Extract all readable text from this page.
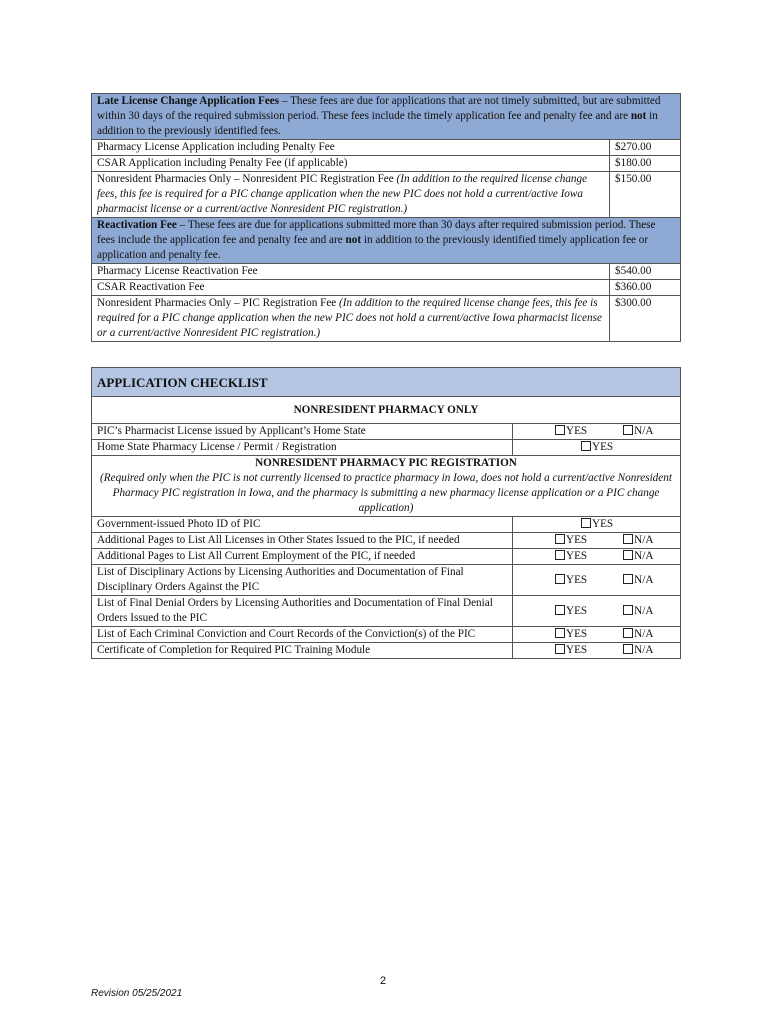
Late License Change Application Fees – These fees are due for applications that are not timely submitted, but are submitted within 30 days of the required submission period. These fees include the timely application fee and penalty fee and are not in addition to the previously identified fees.	
Pharmacy License Application including Penalty Fee	$270.00
CSAR Application including Penalty Fee (if applicable)	$180.00
Nonresident Pharmacies Only – Nonresident PIC Registration Fee (In addition to the required license change fees, this fee is required for a PIC change application when the new PIC does not hold a current/active Iowa pharmacist license or a current/active Nonresident PIC registration.)	$150.00
Reactivation Fee – These fees are due for applications submitted more than 30 days after required submission period. These fees include the application fee and penalty fee and are not in addition to the previously identified timely application fee or application and penalty fee.	
Pharmacy License Reactivation Fee	$540.00
CSAR Reactivation Fee	$360.00
Nonresident Pharmacies Only – PIC Registration Fee (In addition to the required license change fees, this fee is required for a PIC change application when the new PIC does not hold a current/active Iowa pharmacist license or a current/active Nonresident PIC registration.)	$300.00
APPLICATION CHECKLIST	
NONRESIDENT PHARMACY ONLY	
PIC’s Pharmacist License issued by Applicant’s Home State	YES N/A
Home State Pharmacy License / Permit / Registration	YES
NONRESIDENT PHARMACY PIC REGISTRATION
(Required only when the PIC is not currently licensed to practice pharmacy in Iowa, does not hold a current/active Nonresident Pharmacy PIC registration in Iowa, and the pharmacy is submitting a new pharmacy license application or a PIC change application)	
Government-issued Photo ID of PIC	YES
Additional Pages to List All Licenses in Other States Issued to the PIC, if needed	YES N/A
Additional Pages to List All Current Employment of the PIC, if needed	YES N/A
List of Disciplinary Actions by Licensing Authorities and Documentation of Final Disciplinary Orders Against the PIC	YES N/A
List of Final Denial Orders by Licensing Authorities and Documentation of Final Denial Orders Issued to the PIC	YES N/A
List of Each Criminal Conviction and Court Records of the Conviction(s) of the PIC	YES N/A
Certificate of Completion for Required PIC Training Module	YES N/A
2
Revision 05/25/2021
